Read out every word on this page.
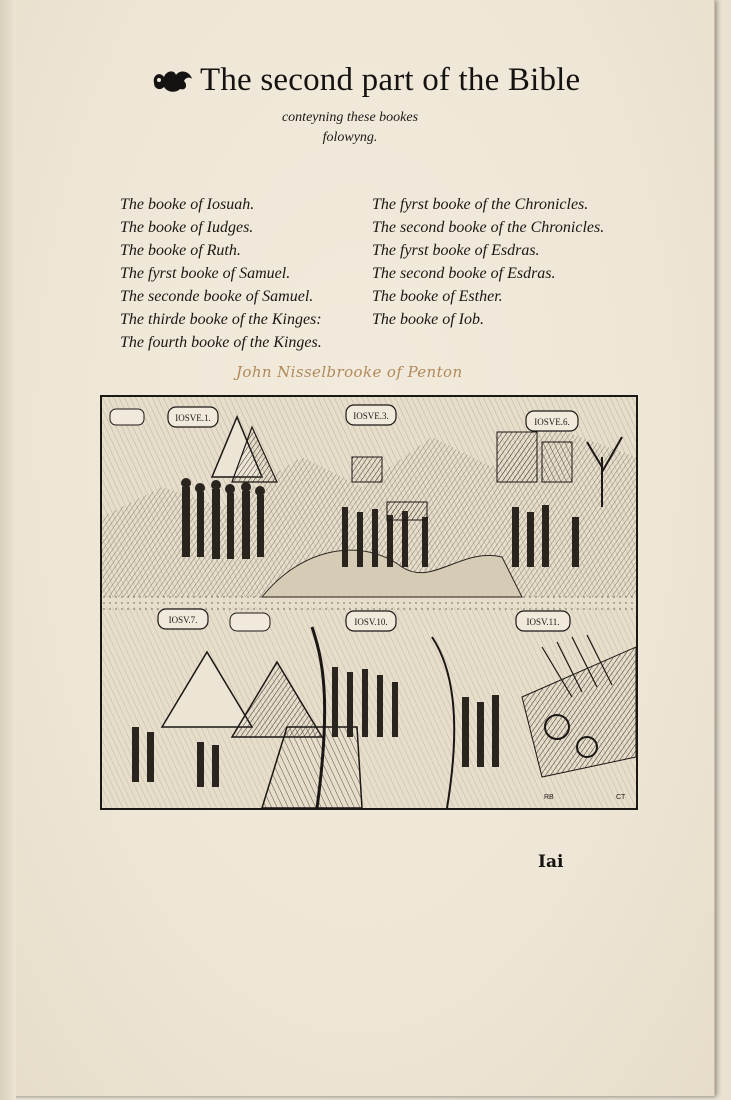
The second part of the Bible
conteyning these bookes
folowyng.
The booke of Iosuah.
The booke of Iudges.
The booke of Ruth.
The fyrst booke of Samuel.
The seconde booke of Samuel.
The thirde booke of the Kinges:
The fourth booke of the Kinges.
The fyrst booke of the Chronicles.
The second booke of the Chronicles.
The fyrst booke of Esdras.
The second booke of Esdras.
The booke of Esther.
The booke of Iob.
John Nisselbrooke of Penton
IOSVE.1.	IOSVE.3.
IOSVE.6.
IOSV.7.	IOSV.10.	IOSV.11.
RB	CT
Iai
